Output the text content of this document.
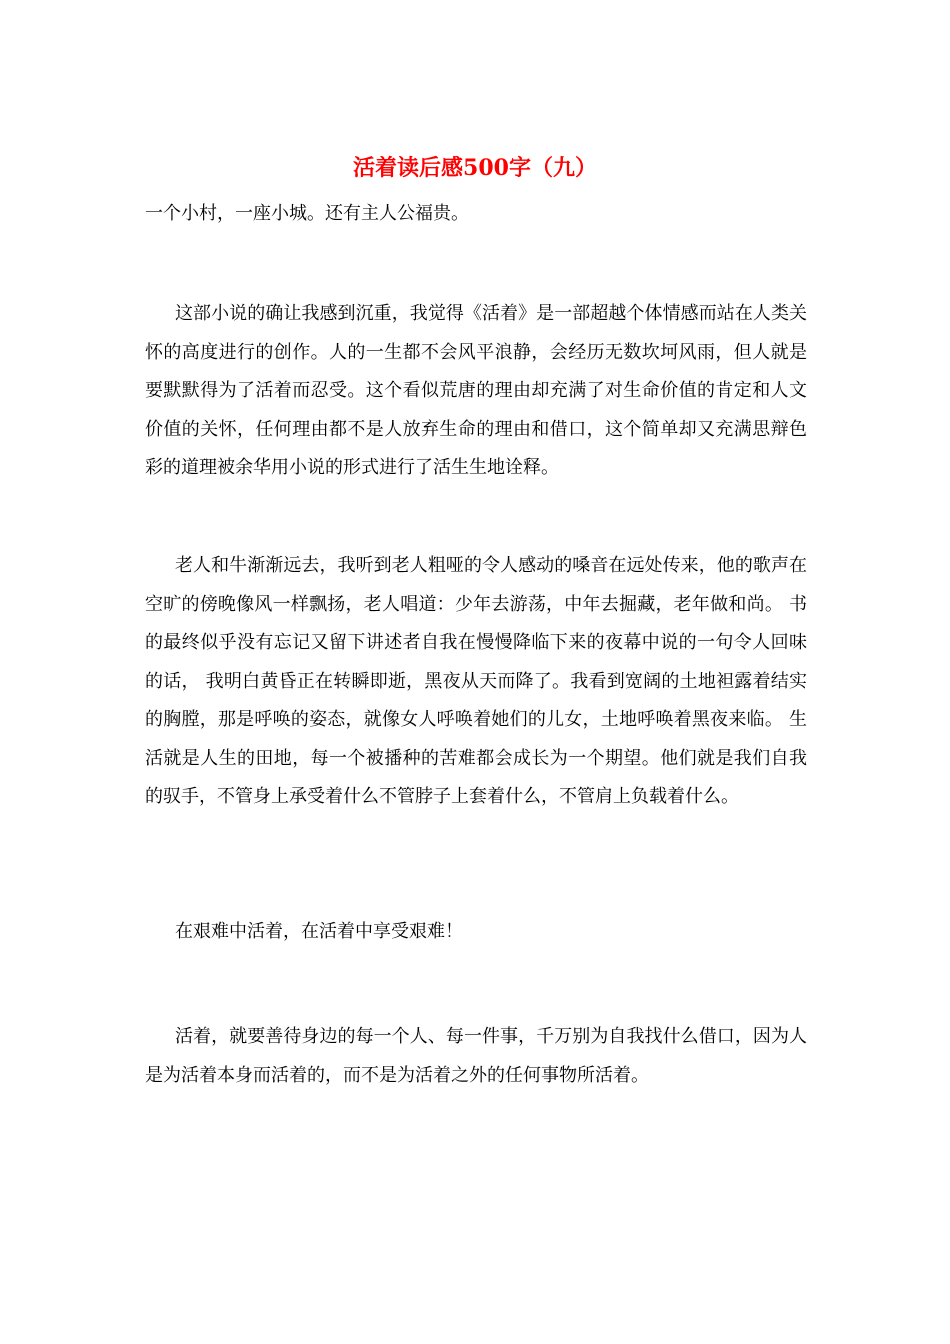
活着读后感500字（九）

一个小村，一座小城。还有主人公福贵。

这部小说的确让我感到沉重，我觉得《活着》是一部超越个体情感而站在人类关怀的高度进行的创作。人的一生都不会风平浪静，会经历无数坎坷风雨，但人就是要默默得为了活着而忍受。这个看似荒唐的理由却充满了对生命价值的肯定和人文价值的关怀，任何理由都不是人放弃生命的理由和借口，这个简单却又充满思辩色彩的道理被余华用小说的形式进行了活生生地诠释。

老人和牛渐渐远去，我听到老人粗哑的令人感动的嗓音在远处传来，他的歌声在空旷的傍晚像风一样飘扬，老人唱道：少年去游荡，中年去掘藏，老年做和尚。 书的最终似乎没有忘记又留下讲述者自我在慢慢降临下来的夜幕中说的一句令人回味的话， 我明白黄昏正在转瞬即逝，黑夜从天而降了。我看到宽阔的土地袒露着结实的胸膛，那是呼唤的姿态，就像女人呼唤着她们的儿女，土地呼唤着黑夜来临。 生活就是人生的田地，每一个被播种的苦难都会成长为一个期望。他们就是我们自我的驭手，不管身上承受着什么不管脖子上套着什么，不管肩上负载着什么。

在艰难中活着，在活着中享受艰难！

活着，就要善待身边的每一个人、每一件事，千万别为自我找什么借口，因为人是为活着本身而活着的，而不是为活着之外的任何事物所活着。
